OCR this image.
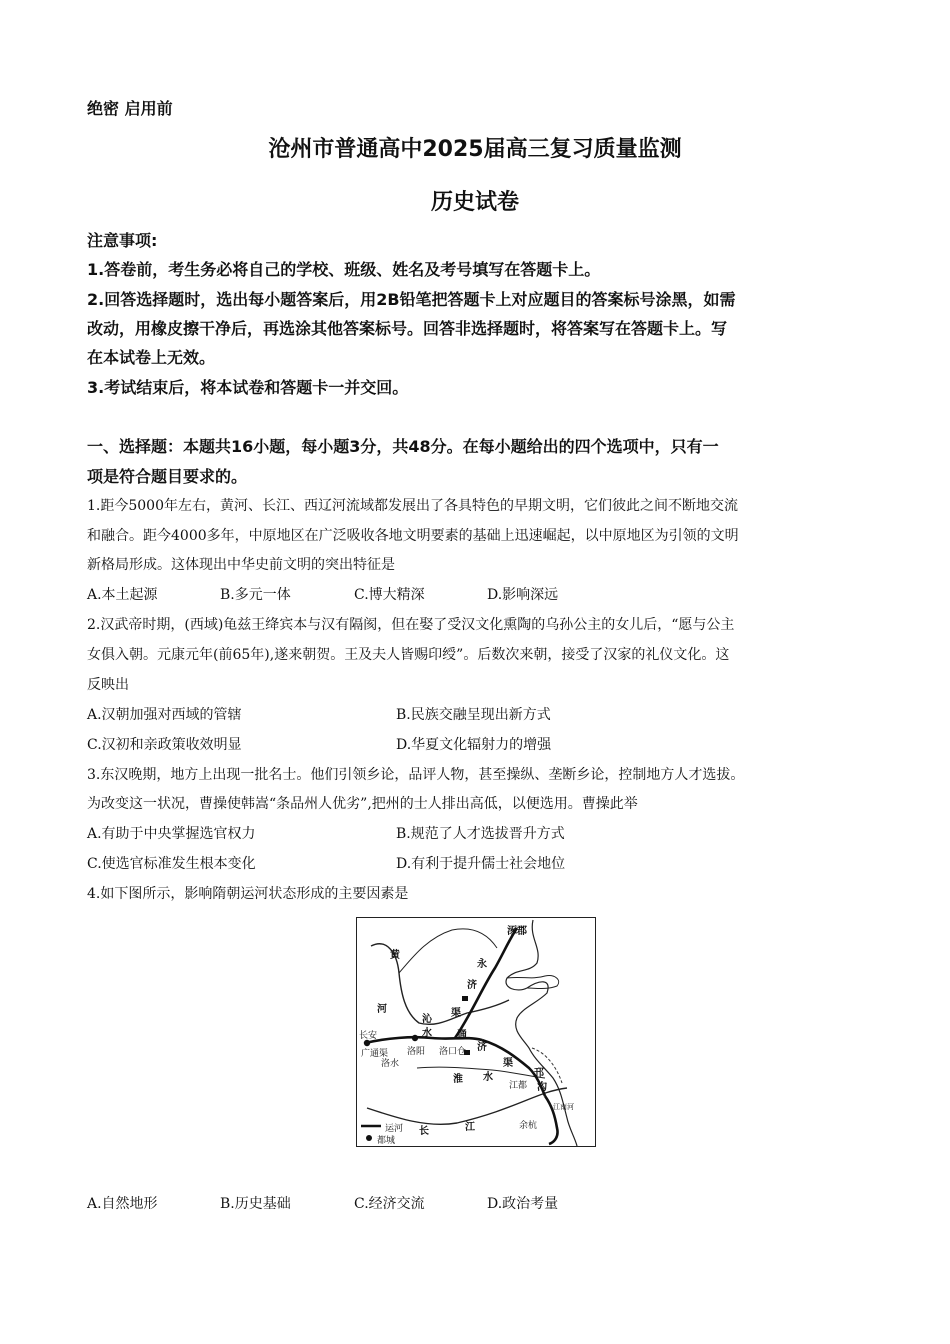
绝密 启用前
沧州市普通高中2025届高三复习质量监测
历史试卷
注意事项:
1.答卷前，考生务必将自己的学校、班级、姓名及考号填写在答题卡上。
2.回答选择题时，选出每小题答案后，用2B铅笔把答题卡上对应题目的答案标号涂黑，如需
改动，用橡皮擦干净后，再选涂其他答案标号。回答非选择题时，将答案写在答题卡上。写
在本试卷上无效。
3.考试结束后，将本试卷和答题卡一并交回。
一、选择题：本题共16小题，每小题3分，共48分。在每小题给出的四个选项中，只有一
项是符合题目要求的。
1.距今5000年左右，黄河、长江、西辽河流域都发展出了各具特色的早期文明，它们彼此之间不断地交流
和融合。距今4000多年，中原地区在广泛吸收各地文明要素的基础上迅速崛起，以中原地区为引领的文明
新格局形成。这体现出中华史前文明的突出特征是
A.本土起源	B.多元一体	C.博大精深	D.影响深远
2.汉武帝时期，(西域)龟兹王绛宾本与汉有隔阂，但在娶了受汉文化熏陶的乌孙公主的女儿后，“愿与公主
女俱入朝。元康元年(前65年),遂来朝贺。王及夫人皆赐印绶”。后数次来朝，接受了汉家的礼仪文化。这
反映出
A.汉朝加强对西域的管辖	B.民族交融呈现出新方式
C.汉初和亲政策收效明显	D.华夏文化辐射力的增强
3.东汉晚期，地方上出现一批名士。他们引领乡论，品评人物，甚至操纵、垄断乡论，控制地方人才选拔。
为改变这一状况，曹操使韩嵩“条品州人优劣”,把州的士人排出高低，以便选用。曹操此举
A.有助于中央掌握选官权力	B.规范了人才选拔晋升方式
C.使选官标准发生根本变化	D.有利于提升儒士社会地位
4.如下图所示，影响隋朝运河状态形成的主要因素是
涿郡
黄
河
永
济
沁
水
渠
长安
广通渠 洛阳 洛口仓
洛水
通
济
渠
淮 水	邗
沟
江都
长	江	余杭
江南河
运河
都城
A.自然地形	B.历史基础	C.经济交流	D.政治考量
